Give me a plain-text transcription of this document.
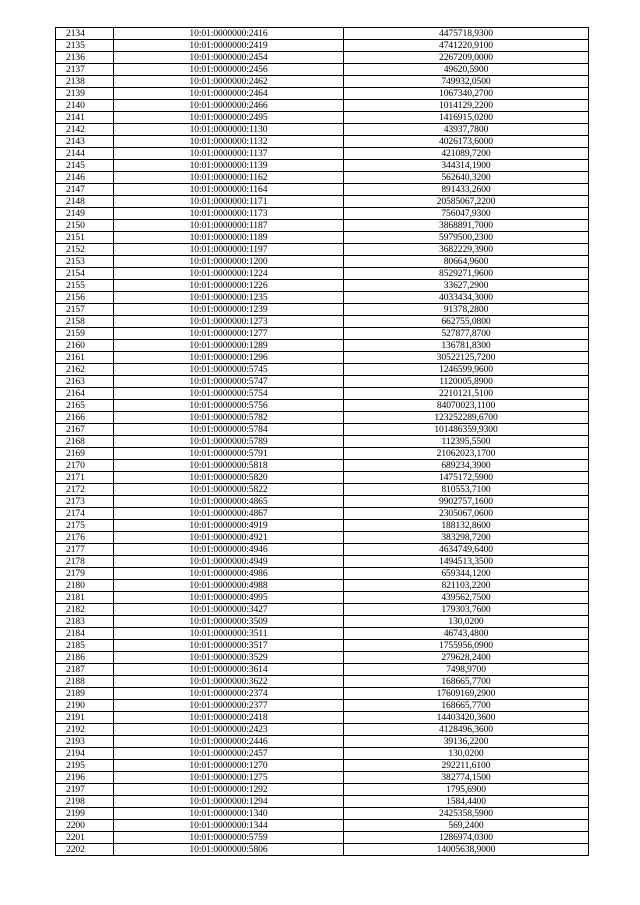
2134	10:01:0000000:2416	4475718,9300
2135	10:01:0000000:2419	4741220,9100
2136	10:01:0000000:2454	2267209,0000
2137	10:01:0000000:2456	49620,5900
2138	10:01:0000000:2462	749932,0500
2139	10:01:0000000:2464	1067340,2700
2140	10:01:0000000:2466	1014129,2200
2141	10:01:0000000:2495	1416915,0200
2142	10:01:0000000:1130	43937,7800
2143	10:01:0000000:1132	4026173,6000
2144	10:01:0000000:1137	421089,7200
2145	10:01:0000000:1139	344314,1900
2146	10:01:0000000:1162	562640,3200
2147	10:01:0000000:1164	891433,2600
2148	10:01:0000000:1171	20585067,2200
2149	10:01:0000000:1173	756047,9300
2150	10:01:0000000:1187	3868891,7000
2151	10:01:0000000:1189	5979500,2300
2152	10:01:0000000:1197	3682229,3900
2153	10:01:0000000:1200	80664,9600
2154	10:01:0000000:1224	8529271,9600
2155	10:01:0000000:1226	33627,2900
2156	10:01:0000000:1235	4033434,3000
2157	10:01:0000000:1239	91378,2800
2158	10:01:0000000:1273	662755,0800
2159	10:01:0000000:1277	527877,8700
2160	10:01:0000000:1289	136781,8300
2161	10:01:0000000:1296	30522125,7200
2162	10:01:0000000:5745	1246599,9600
2163	10:01:0000000:5747	1120005,8900
2164	10:01:0000000:5754	2210121,5100
2165	10:01:0000000:5756	84070023,1100
2166	10:01:0000000:5782	123252289,6700
2167	10:01:0000000:5784	101486359,9300
2168	10:01:0000000:5789	112395,5500
2169	10:01:0000000:5791	21062023,1700
2170	10:01:0000000:5818	689234,3900
2171	10:01:0000000:5820	1475172,5900
2172	10:01:0000000:5822	810553,7100
2173	10:01:0000000:4865	9902757,1600
2174	10:01:0000000:4867	2305067,0600
2175	10:01:0000000:4919	188132,8600
2176	10:01:0000000:4921	383298,7200
2177	10:01:0000000:4946	4634749,6400
2178	10:01:0000000:4949	1494513,3500
2179	10:01:0000000:4986	659344,1200
2180	10:01:0000000:4988	821103,2200
2181	10:01:0000000:4995	439562,7500
2182	10:01:0000000:3427	179303,7600
2183	10:01:0000000:3509	130,0200
2184	10:01:0000000:3511	46743,4800
2185	10:01:0000000:3517	1755956,0900
2186	10:01:0000000:3529	279628,2400
2187	10:01:0000000:3614	7498,9700
2188	10:01:0000000:3622	168665,7700
2189	10:01:0000000:2374	17609169,2900
2190	10:01:0000000:2377	168665,7700
2191	10:01:0000000:2418	14403420,3600
2192	10:01:0000000:2423	4128496,3600
2193	10:01:0000000:2446	39136,2200
2194	10:01:0000000:2457	130,0200
2195	10:01:0000000:1270	292211,6100
2196	10:01:0000000:1275	382774,1500
2197	10:01:0000000:1292	1795,6900
2198	10:01:0000000:1294	1584,4400
2199	10:01:0000000:1340	2425358,5900
2200	10:01:0000000:1344	569,2400
2201	10:01:0000000:5759	1286974,0300
2202	10:01:0000000:5806	14005638,9000
